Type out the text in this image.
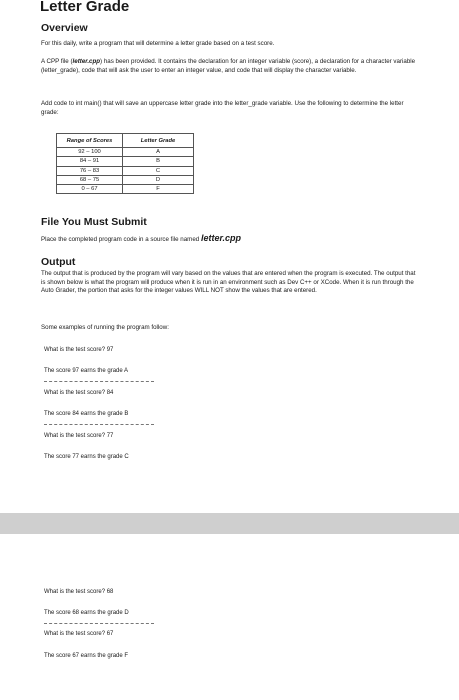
Letter Grade
Overview
For this daily, write a program that will determine a letter grade based on a test score.
A CPP file (letter.cpp) has been provided. It contains the declaration for an integer variable (score), a declaration for a character variable (letter_grade), code that will ask the user to enter an integer value, and code that will display the character variable.
Add code to int main() that will save an uppercase letter grade into the letter_grade variable. Use the following to determine the letter grade:
Range of Scores	Letter Grade
92 – 100	A
84 – 91	B
76 – 83	C
68 – 75	D
0 – 67	F
File You Must Submit
Place the completed program code in a source file named letter.cpp
Output
The output that is produced by the program will vary based on the values that are entered when the program is executed. The output that is shown below is what the program will produce when it is run in an environment such as Dev C++ or XCode. When it is run through the Auto Grader, the portion that asks for the integer values WILL NOT show the values that are entered.
Some examples of running the program follow:
What is the test score? 97
The score 97 earns the grade A
What is the test score? 84
The score 84 earns the grade B
What is the test score? 77
The score 77 earns the grade C
What is the test score? 68
The score 68 earns the grade D
What is the test score? 67
The score 67 earns the grade F
